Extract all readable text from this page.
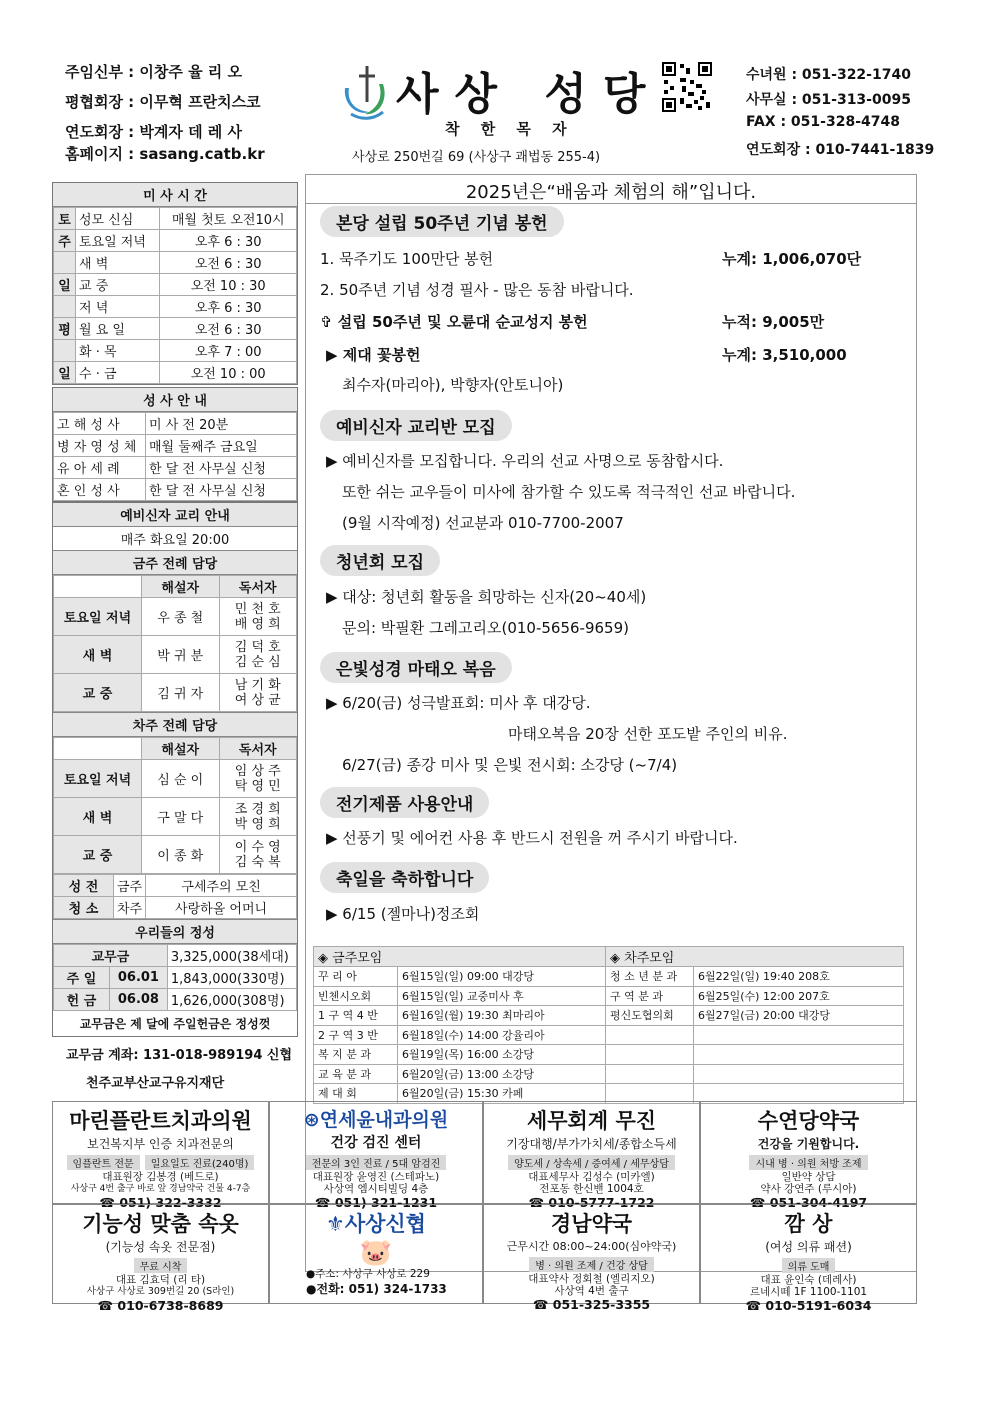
주임신부 : 이창주 율 리 오
평협회장 : 이무혁 프란치스코
연도회장 : 박계자 데 레 사
홈페이지 : sasang.catb.kr
사상 성당
착 한 목 자
사상로 250번길 69 (사상구 괘법동 255-4)
수녀원 : 051-322-1740
사무실 : 051-313-0095
FAX : 051-328-4748
연도회장 : 010-7441-1839
미 사 시 간
토	성모 신심	매월 첫토 오전10시
주	토요일 저녁	오후 6 : 30
	새 벽	오전 6 : 30
일	교 중	오전 10 : 30
	저 녁	오후 6 : 30
평	월 요 일	오전 6 : 30
	화 · 목	오후 7 : 00
일	수 · 금	오전 10 : 00
성 사 안 내
고 해 성 사	미 사 전 20분
병 자 영 성 체	매월 둘째주 금요일
유 아 세 례	한 달 전 사무실 신청
혼 인 성 사	한 달 전 사무실 신청
예비신자 교리 안내
매주 화요일 20:00
금주 전례 담당
	해설자	독서자
토요일 저녁	우 종 철	민 천 호
배 영 희

새 벽	박 귀 분	김 덕 호
김 순 심

교 중	김 귀 자	남 기 화
여 상 균
차주 전례 담당
	해설자	독서자
토요일 저녁	심 순 이	임 상 주
탁 영 민

새 벽	구 말 다	조 경 희
박 영 희

교 중	이 종 화	이 수 영
김 숙 복
성 전	금주	구세주의 모친
청 소	차주	사랑하올 어머니
우리들의 정성
교무금		3,325,000(38세대)
주 일	06.01	1,843,000(330명)
헌 금	06.08	1,626,000(308명)
교무금은 제 달에 주일헌금은 정성껏
교무금 계좌: 131-018-989194 신협
천주교부산교구유지재단
2025년은“배움과 체험의 해”입니다.
본당 설립 50주년 기념 봉헌
1. 묵주기도 100만단 봉헌	누계: 1,006,070단
2. 50주년 기념 성경 필사 - 많은 동참 바랍니다.
✞ 설립 50주년 및 오륜대 순교성지 봉헌	누적: 9,005만
▶ 제대 꽃봉헌	누계: 3,510,000
최수자(마리아), 박향자(안토니아)
예비신자 교리반 모집
▶ 예비신자를 모집합니다. 우리의 선교 사명으로 동참합시다.
또한 쉬는 교우들이 미사에 참가할 수 있도록 적극적인 선교 바랍니다.
(9월 시작예정) 선교분과 010-7700-2007
청년회 모집
▶ 대상: 청년회 활동을 희망하는 신자(20~40세)
문의: 박필환 그레고리오(010-5656-9659)
은빛성경 마태오 복음
▶ 6/20(금) 성극발표회: 미사 후 대강당.
마태오복음 20장 선한 포도밭 주인의 비유.
6/27(금) 종강 미사 및 은빛 전시회: 소강당 (~7/4)
전기제품 사용안내
▶ 선풍기 및 에어컨 사용 후 반드시 전원을 꺼 주시기 바랍니다.
축일을 축하합니다
▶ 6/15 (젤마나)정조회
◈ 금주모임		◈ 차주모임	
꾸 리 아	6월15일(일) 09:00 대강당	청 소 년 분 과	6월22일(일) 19:40 208호
빈첸시오회	6월15일(일) 교중미사 후	구 역 분 과	6월25일(수) 12:00 207호
1 구 역 4 반	6월16일(월) 19:30 최마리아	평신도협의회	6월27일(금) 20:00 대강당
2 구 역 3 반	6월18일(수) 14:00 강율리아		
복 지 분 과	6월19일(목) 16:00 소강당		
교 육 분 과	6월20일(금) 13:00 소강당		
제 대 회	6월20일(금) 15:30 카페		
마린플란트치과의원
보건복지부 인증 치과전문의
임플란트 전문 일요일도 진료(240명)
대표원장 김봉경 (베드로)
사상구 4번 출구 바로 앞 경남약국 건물 4-7층
☎ 051) 322-3332
⊛연세윤내과의원
건강 검진 센터
전문의 3인 진료 / 5대 암검진
대표원장 윤영진 (스테파노)
사상역 엠시티빌딩 4층
☎ 051) 321-1231
세무회계 무진
기장대행/부가가치세/종합소득세
양도세 / 상속세 / 증여세 / 세무상담
대표세무사 김성수 (미카엘)
전포동 한신밴 1004호
☎ 010-5777-1722
수연당약국
건강을 기원합니다.
시내 병 · 의원 처방 조제
일반약 상담
약사 강연주 (루시아)
☎ 051-304-4197
기능성 맞춤 속옷
(기능성 속옷 전문점)
무료 시착
대표 김효덕 (리 타)
사상구 사상로 309번길 20 (S라인)
☎ 010-6738-8689
⚜사상신협
🐷
●주소: 사상구 사상로 229
●전화: 051) 324-1733
경남약국
근무시간 08:00~24:00(심야약국)
병 · 의원 조제 / 건강 상담
대표약사 정회철 (엘리지오)
사상역 4번 출구
☎ 051-325-3355
깜 상
(여성 의류 패션)
의류 도매
대표 윤인숙 (데레사)
르네시떼 1F 1100-1101
☎ 010-5191-6034
